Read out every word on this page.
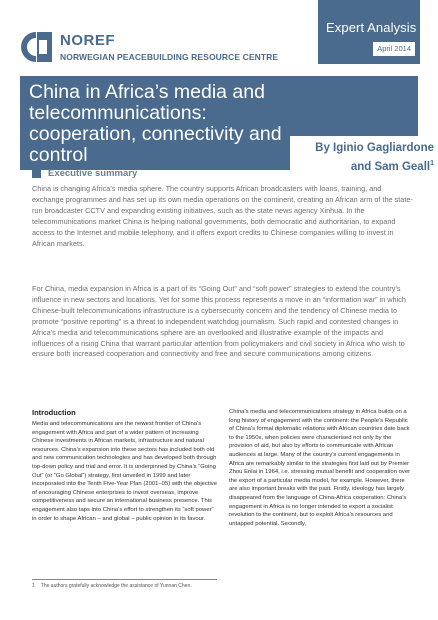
Expert Analysis
April 2014
NOREF
NORWEGIAN PEACEBUILDING RESOURCE CENTRE
China in Africa’s media and telecommunications: cooperation, connectivity and control	By Iginio Gagliardone
and Sam Geall$^1$
Executive summary

China is changing Africa’s media sphere. The country supports African broadcasters with loans, training, and exchange programmes and has set up its own media operations on the continent, creating an African arm of the state-run broadcaster CCTV and expanding existing initiatives, such as the state news agency Xinhua. In the telecommunications market China is helping national governments, both democratic and authoritarian, to expand access to the Internet and mobile telephony, and it offers export credits to Chinese companies willing to invest in African markets.

For China, media expansion in Africa is a part of its “Going Out” and “soft power” strategies to extend the country’s influence in new sectors and locations. Yet for some this process represents a move in an “information war” in which Chinese-built telecommunications infrastructure is a cybersecurity concern and the tendency of Chinese media to promote “positive reporting” is a threat to independent watchdog journalism. Such rapid and contested changes in Africa’s media and telecommunications sphere are an overlooked and illustrative example of the impacts and influences of a rising China that warrant particular attention from policymakers and civil society in Africa who wish to ensure both increased cooperation and connectivity and free and secure communications among citizens.

Introduction

Media and telecommunications are the newest frontier of China’s engagement with Africa and part of a wider pattern of increasing Chinese investments in African markets, infrastructure and natural resources. China’s expansion into these sectors has included both old and new communication technologies and has developed both through top-down policy and trial and error. It is underpinned by China’s “Going Out” (or “Go Global”) strategy, first unveiled in 1999 and later incorporated into the Tenth Five-Year Plan (2001–05) with the objective of encouraging Chinese enterprises to invest overseas, improve competitiveness and secure an international business presence. This engagement also taps into China’s effort to strengthen its “soft power” in order to shape African – and global – public opinion in its favour.

China’s media and telecommunications strategy in Africa builds on a long history of engagement with the continent: the People’s Republic of China’s formal diplomatic relations with African countries date back to the 1950s, when policies were characterised not only by the provision of aid, but also by efforts to communicate with African audiences at large. Many of the country’s current engagements in Africa are remarkably similar to the strategies first laid out by Premier Zhou Enlai in 1964, i.e. stressing mutual benefit and cooperation over the export of a particular media model, for example. However, there are also important breaks with the past. Firstly, ideology has largely disappeared from the language of China-Africa cooperation: China’s engagement in Africa is no longer intended to export a socialist revolution to the continent, but to exploit Africa’s resources and untapped potential. Secondly,

1 The authors gratefully acknowledge the assistance of Yunnan Chen.
